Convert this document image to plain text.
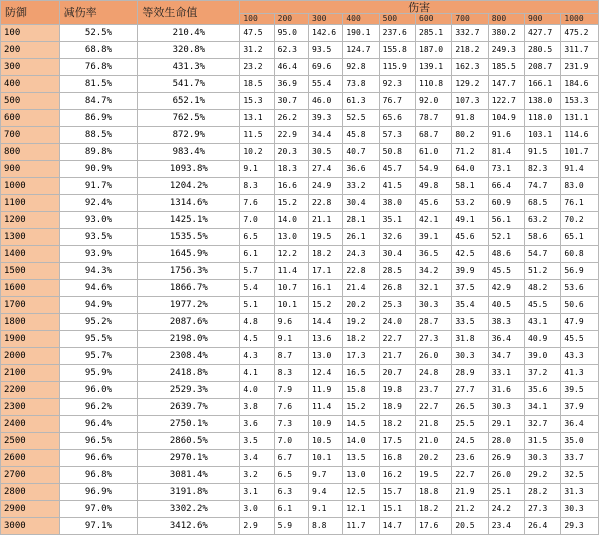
防御	减伤率	等效生命值	伤害									
			100	200	300	400	500	600	700	800	900	1000
100	52.5%	210.4%	47.5	95.0	142.6	190.1	237.6	285.1	332.7	380.2	427.7	475.2
200	68.8%	320.8%	31.2	62.3	93.5	124.7	155.8	187.0	218.2	249.3	280.5	311.7
300	76.8%	431.3%	23.2	46.4	69.6	92.8	115.9	139.1	162.3	185.5	208.7	231.9
400	81.5%	541.7%	18.5	36.9	55.4	73.8	92.3	110.8	129.2	147.7	166.1	184.6
500	84.7%	652.1%	15.3	30.7	46.0	61.3	76.7	92.0	107.3	122.7	138.0	153.3
600	86.9%	762.5%	13.1	26.2	39.3	52.5	65.6	78.7	91.8	104.9	118.0	131.1
700	88.5%	872.9%	11.5	22.9	34.4	45.8	57.3	68.7	80.2	91.6	103.1	114.6
800	89.8%	983.4%	10.2	20.3	30.5	40.7	50.8	61.0	71.2	81.4	91.5	101.7
900	90.9%	1093.8%	9.1	18.3	27.4	36.6	45.7	54.9	64.0	73.1	82.3	91.4
1000	91.7%	1204.2%	8.3	16.6	24.9	33.2	41.5	49.8	58.1	66.4	74.7	83.0
1100	92.4%	1314.6%	7.6	15.2	22.8	30.4	38.0	45.6	53.2	60.9	68.5	76.1
1200	93.0%	1425.1%	7.0	14.0	21.1	28.1	35.1	42.1	49.1	56.1	63.2	70.2
1300	93.5%	1535.5%	6.5	13.0	19.5	26.1	32.6	39.1	45.6	52.1	58.6	65.1
1400	93.9%	1645.9%	6.1	12.2	18.2	24.3	30.4	36.5	42.5	48.6	54.7	60.8
1500	94.3%	1756.3%	5.7	11.4	17.1	22.8	28.5	34.2	39.9	45.5	51.2	56.9
1600	94.6%	1866.7%	5.4	10.7	16.1	21.4	26.8	32.1	37.5	42.9	48.2	53.6
1700	94.9%	1977.2%	5.1	10.1	15.2	20.2	25.3	30.3	35.4	40.5	45.5	50.6
1800	95.2%	2087.6%	4.8	9.6	14.4	19.2	24.0	28.7	33.5	38.3	43.1	47.9
1900	95.5%	2198.0%	4.5	9.1	13.6	18.2	22.7	27.3	31.8	36.4	40.9	45.5
2000	95.7%	2308.4%	4.3	8.7	13.0	17.3	21.7	26.0	30.3	34.7	39.0	43.3
2100	95.9%	2418.8%	4.1	8.3	12.4	16.5	20.7	24.8	28.9	33.1	37.2	41.3
2200	96.0%	2529.3%	4.0	7.9	11.9	15.8	19.8	23.7	27.7	31.6	35.6	39.5
2300	96.2%	2639.7%	3.8	7.6	11.4	15.2	18.9	22.7	26.5	30.3	34.1	37.9
2400	96.4%	2750.1%	3.6	7.3	10.9	14.5	18.2	21.8	25.5	29.1	32.7	36.4
2500	96.5%	2860.5%	3.5	7.0	10.5	14.0	17.5	21.0	24.5	28.0	31.5	35.0
2600	96.6%	2970.1%	3.4	6.7	10.1	13.5	16.8	20.2	23.6	26.9	30.3	33.7
2700	96.8%	3081.4%	3.2	6.5	9.7	13.0	16.2	19.5	22.7	26.0	29.2	32.5
2800	96.9%	3191.8%	3.1	6.3	9.4	12.5	15.7	18.8	21.9	25.1	28.2	31.3
2900	97.0%	3302.2%	3.0	6.1	9.1	12.1	15.1	18.2	21.2	24.2	27.3	30.3
3000	97.1%	3412.6%	2.9	5.9	8.8	11.7	14.7	17.6	20.5	23.4	26.4	29.3
